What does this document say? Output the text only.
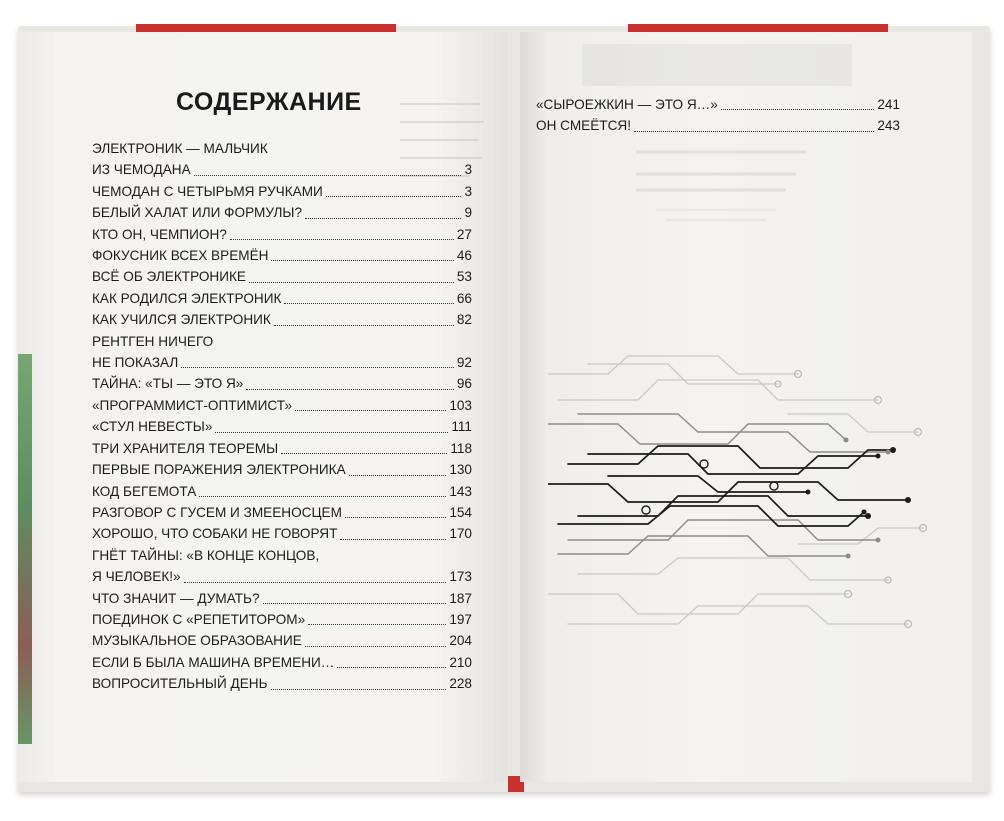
СОДЕРЖАНИЕ
ЭЛЕКТРОНИК — МАЛЬЧИК
ИЗ ЧЕМОДАНА	3
ЧЕМОДАН С ЧЕТЫРЬМЯ РУЧКАМИ	3
БЕЛЫЙ ХАЛАТ ИЛИ ФОРМУЛЫ?	9
КТО ОН, ЧЕМПИОН?	27
ФОКУСНИК ВСЕХ ВРЕМЁН	46
ВСЁ ОБ ЭЛЕКТРОНИКЕ	53
КАК РОДИЛСЯ ЭЛЕКТРОНИК	66
КАК УЧИЛСЯ ЭЛЕКТРОНИК	82
РЕНТГЕН НИЧЕГО
НЕ ПОКАЗАЛ	92
ТАЙНА: «ТЫ — ЭТО Я»	96
«ПРОГРАММИСТ-ОПТИМИСТ»	103
«СТУЛ НЕВЕСТЫ»	111
ТРИ ХРАНИТЕЛЯ ТЕОРЕМЫ	118
ПЕРВЫЕ ПОРАЖЕНИЯ ЭЛЕКТРОНИКА	130
КОД БЕГЕМОТА	143
РАЗГОВОР С ГУСЕМ И ЗМЕЕНОСЦЕМ	154
ХОРОШО, ЧТО СОБАКИ НЕ ГОВОРЯТ	170
ГНЁТ ТАЙНЫ: «В КОНЦЕ КОНЦОВ,
Я ЧЕЛОВЕК!»	173
ЧТО ЗНАЧИТ — ДУМАТЬ?	187
ПОЕДИНОК С «РЕПЕТИТОРОМ»	197
МУЗЫКАЛЬНОЕ ОБРАЗОВАНИЕ	204
ЕСЛИ Б БЫЛА МАШИНА ВРЕМЕНИ…	210
ВОПРОСИТЕЛЬНЫЙ ДЕНЬ	228
«СЫРОЕЖКИН — ЭТО Я…»	241
ОН СМЕЁТСЯ!	243
